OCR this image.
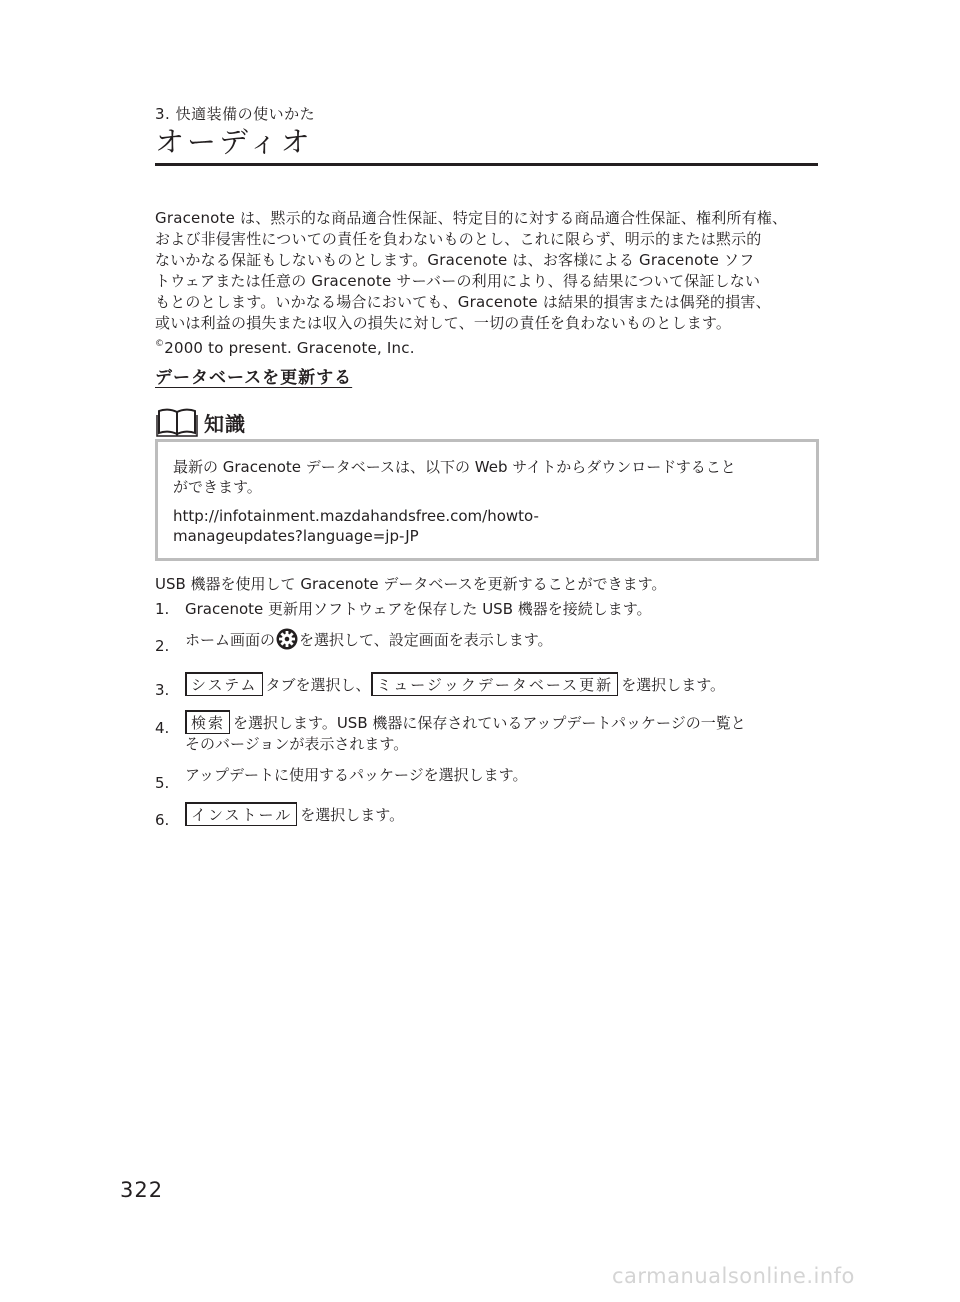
3. 快適装備の使いかた
オーディオ

Gracenote は、黙示的な商品適合性保証、特定目的に対する商品適合性保証、権利所有権、

および非侵害性についての責任を負わないものとし、これに限らず、明示的または黙示的

ないかなる保証もしないものとします。Gracenote は、お客様による Gracenote ソフ

トウェアまたは任意の Gracenote サーバーの利用により、得る結果について保証しない

もとのとします。いかなる場合においても、Gracenote は結果的損害または偶発的損害、

或いは利益の損失または収入の損失に対して、一切の責任を負わないものとします。

©2000 to present. Gracenote, Inc.

データベースを更新する
知識

最新の Gracenote データベースは、以下の Web サイトからダウンロードすること
ができます。

http://infotainment.mazdahandsfree.com/howto-
manageupdates?language=jp-JP

USB 機器を使用して Gracenote データベースを更新することができます。
1. Gracenote 更新用ソフトウェアを保存した USB 機器を接続します。
2. ホーム画面の を選択して、設定画面を表示します。
3.	システム タブを選択し、 ミュージックデータベース更新 を選択します。
4.	検索 を選択します。USB 機器に保存されているアップデートパッケージの一覧と
そのバージョンが表示されます。
5. アップデートに使用するパッケージを選択します。
6.	インストール を選択します。
322
carmanualsonline.info
